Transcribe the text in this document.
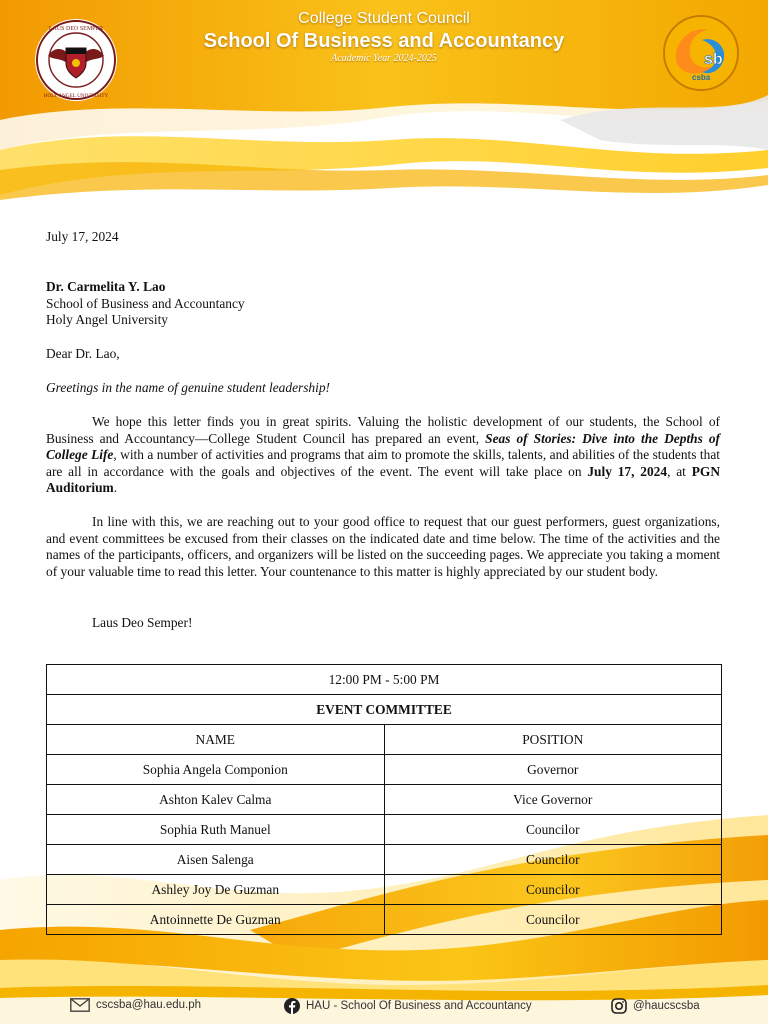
LAUS DEO SEMPER
HOLY ANGEL UNIVERSITY
sb
csba
College Student Council
School Of Business and Accountancy
Academic Year 2024-2025
July 17, 2024
Dr. Carmelita Y. Lao
School of Business and Accountancy
Holy Angel University
Dear Dr. Lao,
Greetings in the name of genuine student leadership!
We hope this letter finds you in great spirits. Valuing the holistic development of our students, the School of Business and Accountancy—College Student Council has prepared an event, Seas of Stories: Dive into the Depths of College Life, with a number of activities and programs that aim to promote the skills, talents, and abilities of the students that are all in accordance with the goals and objectives of the event. The event will take place on July 17, 2024, at PGN Auditorium.
In line with this, we are reaching out to your good office to request that our guest performers, guest organizations, and event committees be excused from their classes on the indicated date and time below. The time of the activities and the names of the participants, officers, and organizers will be listed on the succeeding pages. We appreciate you taking a moment of your valuable time to read this letter. Your countenance to this matter is highly appreciated by our student body.
Laus Deo Semper!
12:00 PM - 5:00 PM	
EVENT COMMITTEE	
NAME	POSITION
Sophia Angela Componion	Governor
Ashton Kalev Calma	Vice Governor
Sophia Ruth Manuel	Councilor
Aisen Salenga	Councilor
Ashley Joy De Guzman	Councilor
Antoinnette De Guzman	Councilor
cscsba@hau.edu.ph	HAU - School Of Business and Accountancy	@haucscsba
